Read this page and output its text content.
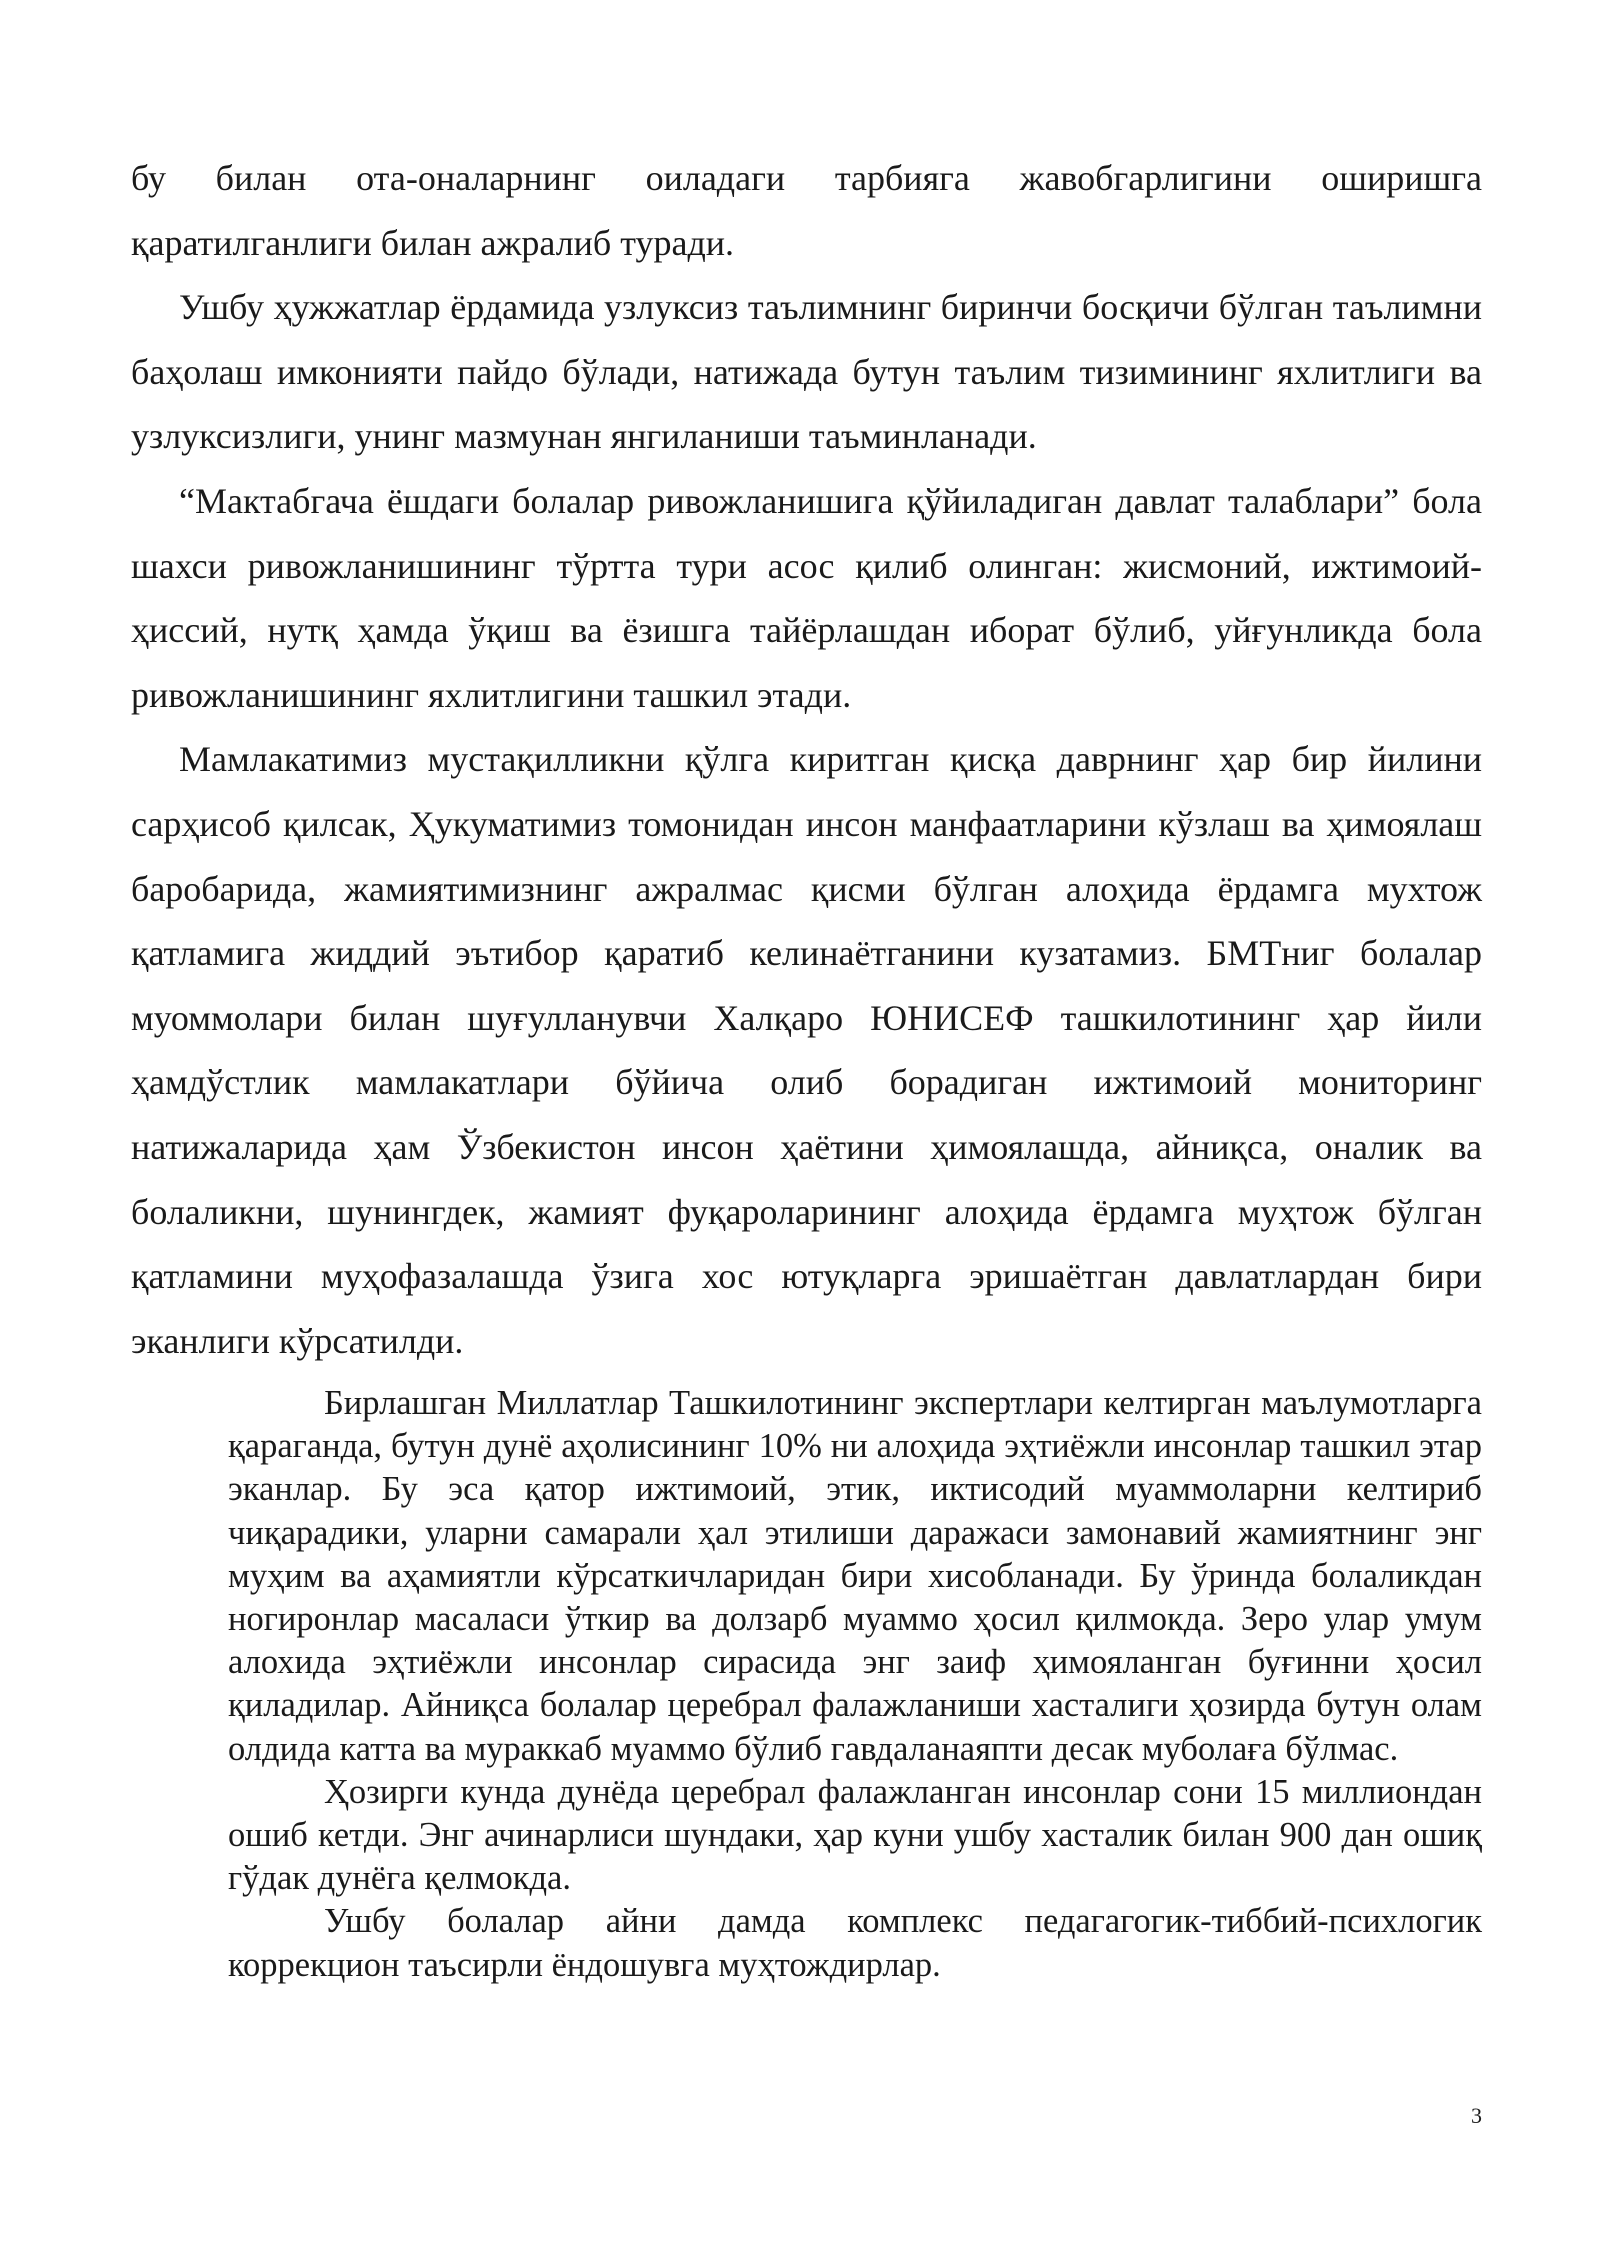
бу билан ота-оналарнинг оиладаги тарбияга жавобгарлигини оширишга қаратилганлиги билан ажралиб туради.

Ушбу ҳужжатлар ёрдамида узлуксиз таълимнинг биринчи босқичи бўлган таълимни баҳолаш имконияти пайдо бўлади, натижада бутун таълим тизимининг яхлитлиги ва узлуксизлиги, унинг мазмунан янгиланиши таъминланади.

“Мактабгача ёшдаги болалар ривожланишига қўйиладиган давлат талаблари” бола шахси ривожланишининг тўртта тури асос қилиб олинган: жисмоний, ижтимоий-ҳиссий, нутқ ҳамда ўқиш ва ёзишга тайёрлашдан иборат бўлиб, уйғунликда бола ривожланишининг яхлитлигини ташкил этади.

Мамлакатимиз мустақилликни қўлга киритган қисқа даврнинг ҳар бир йилини сарҳисоб қилсак, Ҳукуматимиз томонидан инсон манфаатларини кўзлаш ва ҳимоялаш баробарида, жамиятимизнинг ажралмас қисми бўлган алоҳида ёрдамга мухтож қатламига жиддий эътибор қаратиб келинаётганини кузатамиз. БМТниг болалар муоммолари билан шуғулланувчи Халқаро ЮНИСЕФ ташкилотининг ҳар йили ҳамдўстлик мамлакатлари бўйича олиб борадиган ижтимоий мониторинг натижаларида ҳам Ўзбекистон инсон ҳаётини ҳимоялашда, айниқса, оналик ва болаликни, шунингдек, жамият фуқароларининг алоҳида ёрдамга муҳтож бўлган қатламини муҳофазалашда ўзига хос ютуқларга эришаётган давлатлардан бири эканлиги кўрсатилди.

Бирлашган Миллатлар Ташкилотининг экспертлари келтирган маълумотларга қараганда, бутун дунё аҳолисининг 10% ни алоҳида эҳтиёжли инсонлар ташкил этар эканлар. Бу эса қатор ижтимоий, этик, иктисодий муаммоларни келтириб чиқарадики, уларни самарали ҳал этилиши даражаси замонавий жамиятнинг энг муҳим ва аҳамиятли кўрсаткичларидан бири хисобланади. Бу ўринда болаликдан ногиронлар масаласи ўткир ва долзарб муаммо ҳосил қилмокда. Зеро улар умум алохида эҳтиёжли инсонлар сирасида энг заиф ҳимояланган буғинни ҳосил қиладилар. Айниқса болалар церебрал фалажланиши хасталиги ҳозирда бутун олам олдида катта ва мураккаб муаммо бўлиб гавдаланаяпти десак муболаға бўлмас.

Ҳозирги кунда дунёда церебрал фалажланган инсонлар сони 15 миллиондан ошиб кетди. Энг ачинарлиси шундаки, ҳар куни ушбу хасталик билан 900 дан ошиқ гўдак дунёга қелмокда.

Ушбу болалар айни дамда комплекс педагагогик-тиббий-психлогик коррекцион таъсирли ёндошувга муҳтождирлар.

3
